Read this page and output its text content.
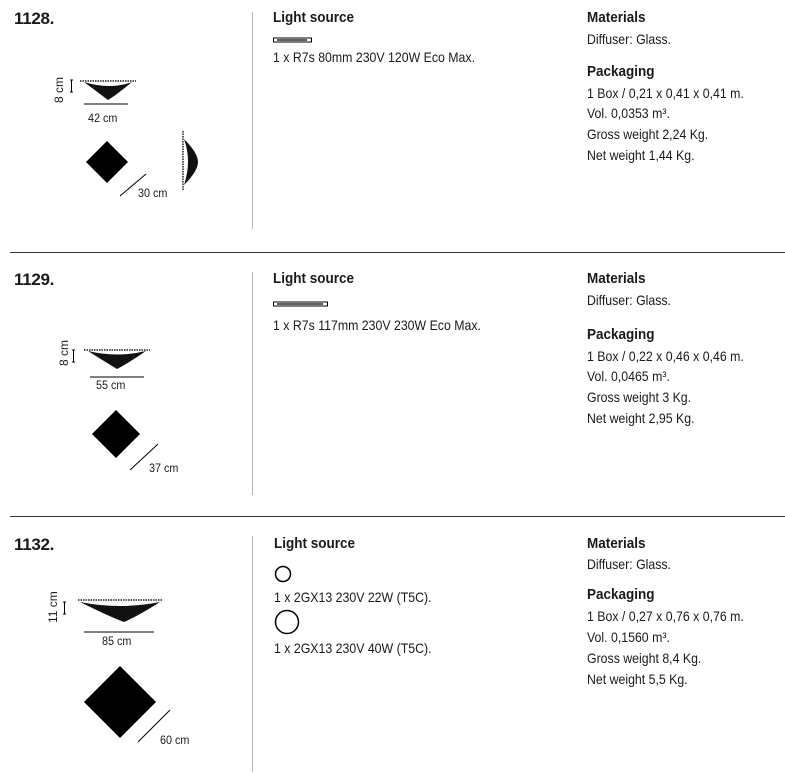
1128.
8 cm
42 cm
30 cm
Light source
1 x R7s 80mm 230V 120W Eco Max.
Materials
Diffuser: Glass.
Packaging
1 Box / 0,21 x 0,41 x 0,41 m.
Vol. 0,0353 m³.
Gross weight 2,24 Kg.
Net weight 1,44 Kg.
1129.
8 cm
55 cm
37 cm
Light source
1 x R7s 117mm 230V 230W Eco Max.
Materials
Diffuser: Glass.
Packaging
1 Box / 0,22 x 0,46 x 0,46 m.
Vol. 0,0465 m³.
Gross weight 3 Kg.
Net weight 2,95 Kg.
1132.
11 cm
85 cm
60 cm
Light source
1 x 2GX13 230V 22W (T5C).
1 x 2GX13 230V 40W (T5C).
Materials
Diffuser: Glass.
Packaging
1 Box / 0,27 x 0,76 x 0,76 m.
Vol. 0,1560 m³.
Gross weight 8,4 Kg.
Net weight 5,5 Kg.
